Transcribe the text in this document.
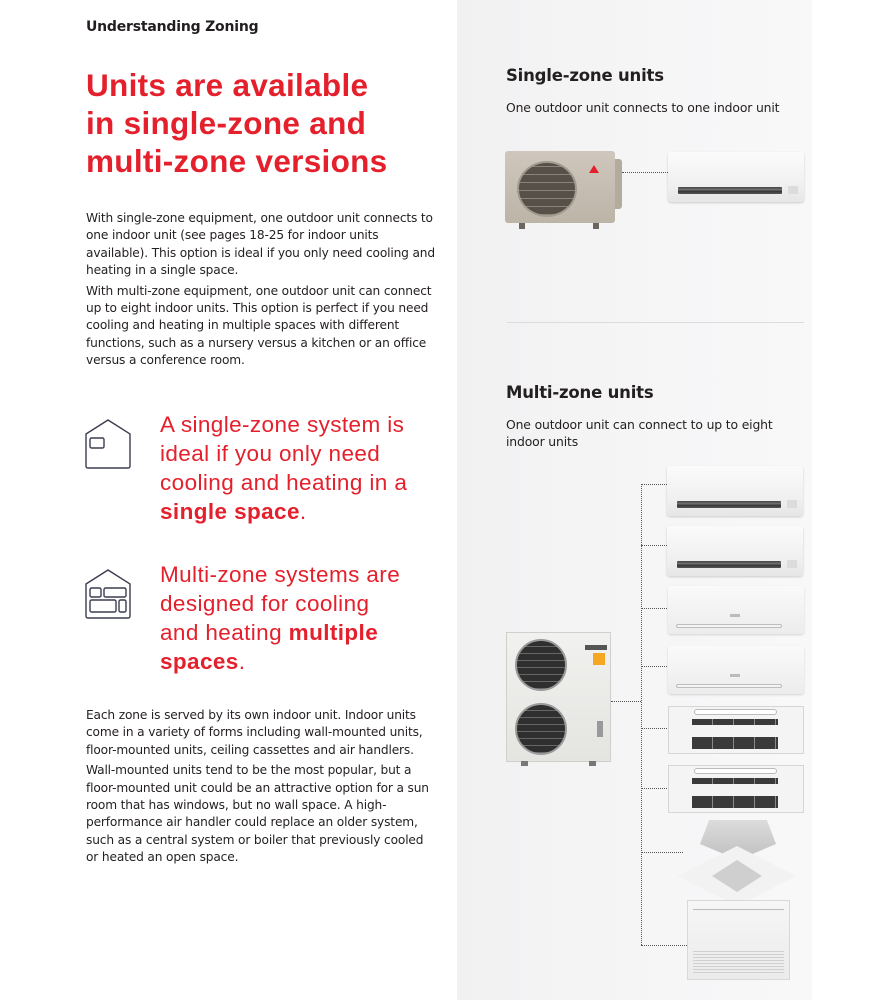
Understanding Zoning
Units are available
in single-zone and
multi-zone versions

With single-zone equipment, one outdoor unit connects to one indoor unit (see pages 18-25 for indoor units available). This option is ideal if you only need cooling and heating in a single space.

With multi-zone equipment, one outdoor unit can connect up to eight indoor units. This option is perfect if you need cooling and heating in multiple spaces with different functions, such as a nursery versus a kitchen or an office versus a conference room.

A single-zone system is ideal if you only need cooling and heating in a single space.
Multi-zone systems are designed for cooling and heating multiple spaces.

Each zone is served by its own indoor unit. Indoor units come in a variety of forms including wall-mounted units, floor-mounted units, ceiling cassettes and air handlers.

Wall-mounted units tend to be the most popular, but a floor-mounted unit could be an attractive option for a sun room that has windows, but no wall space. A high-performance air handler could replace an older system, such as a central system or boiler that previously cooled or heated an open space.

Single-zone units
One outdoor unit connects to one indoor unit
Multi-zone units
One outdoor unit can connect to up to eight indoor units
